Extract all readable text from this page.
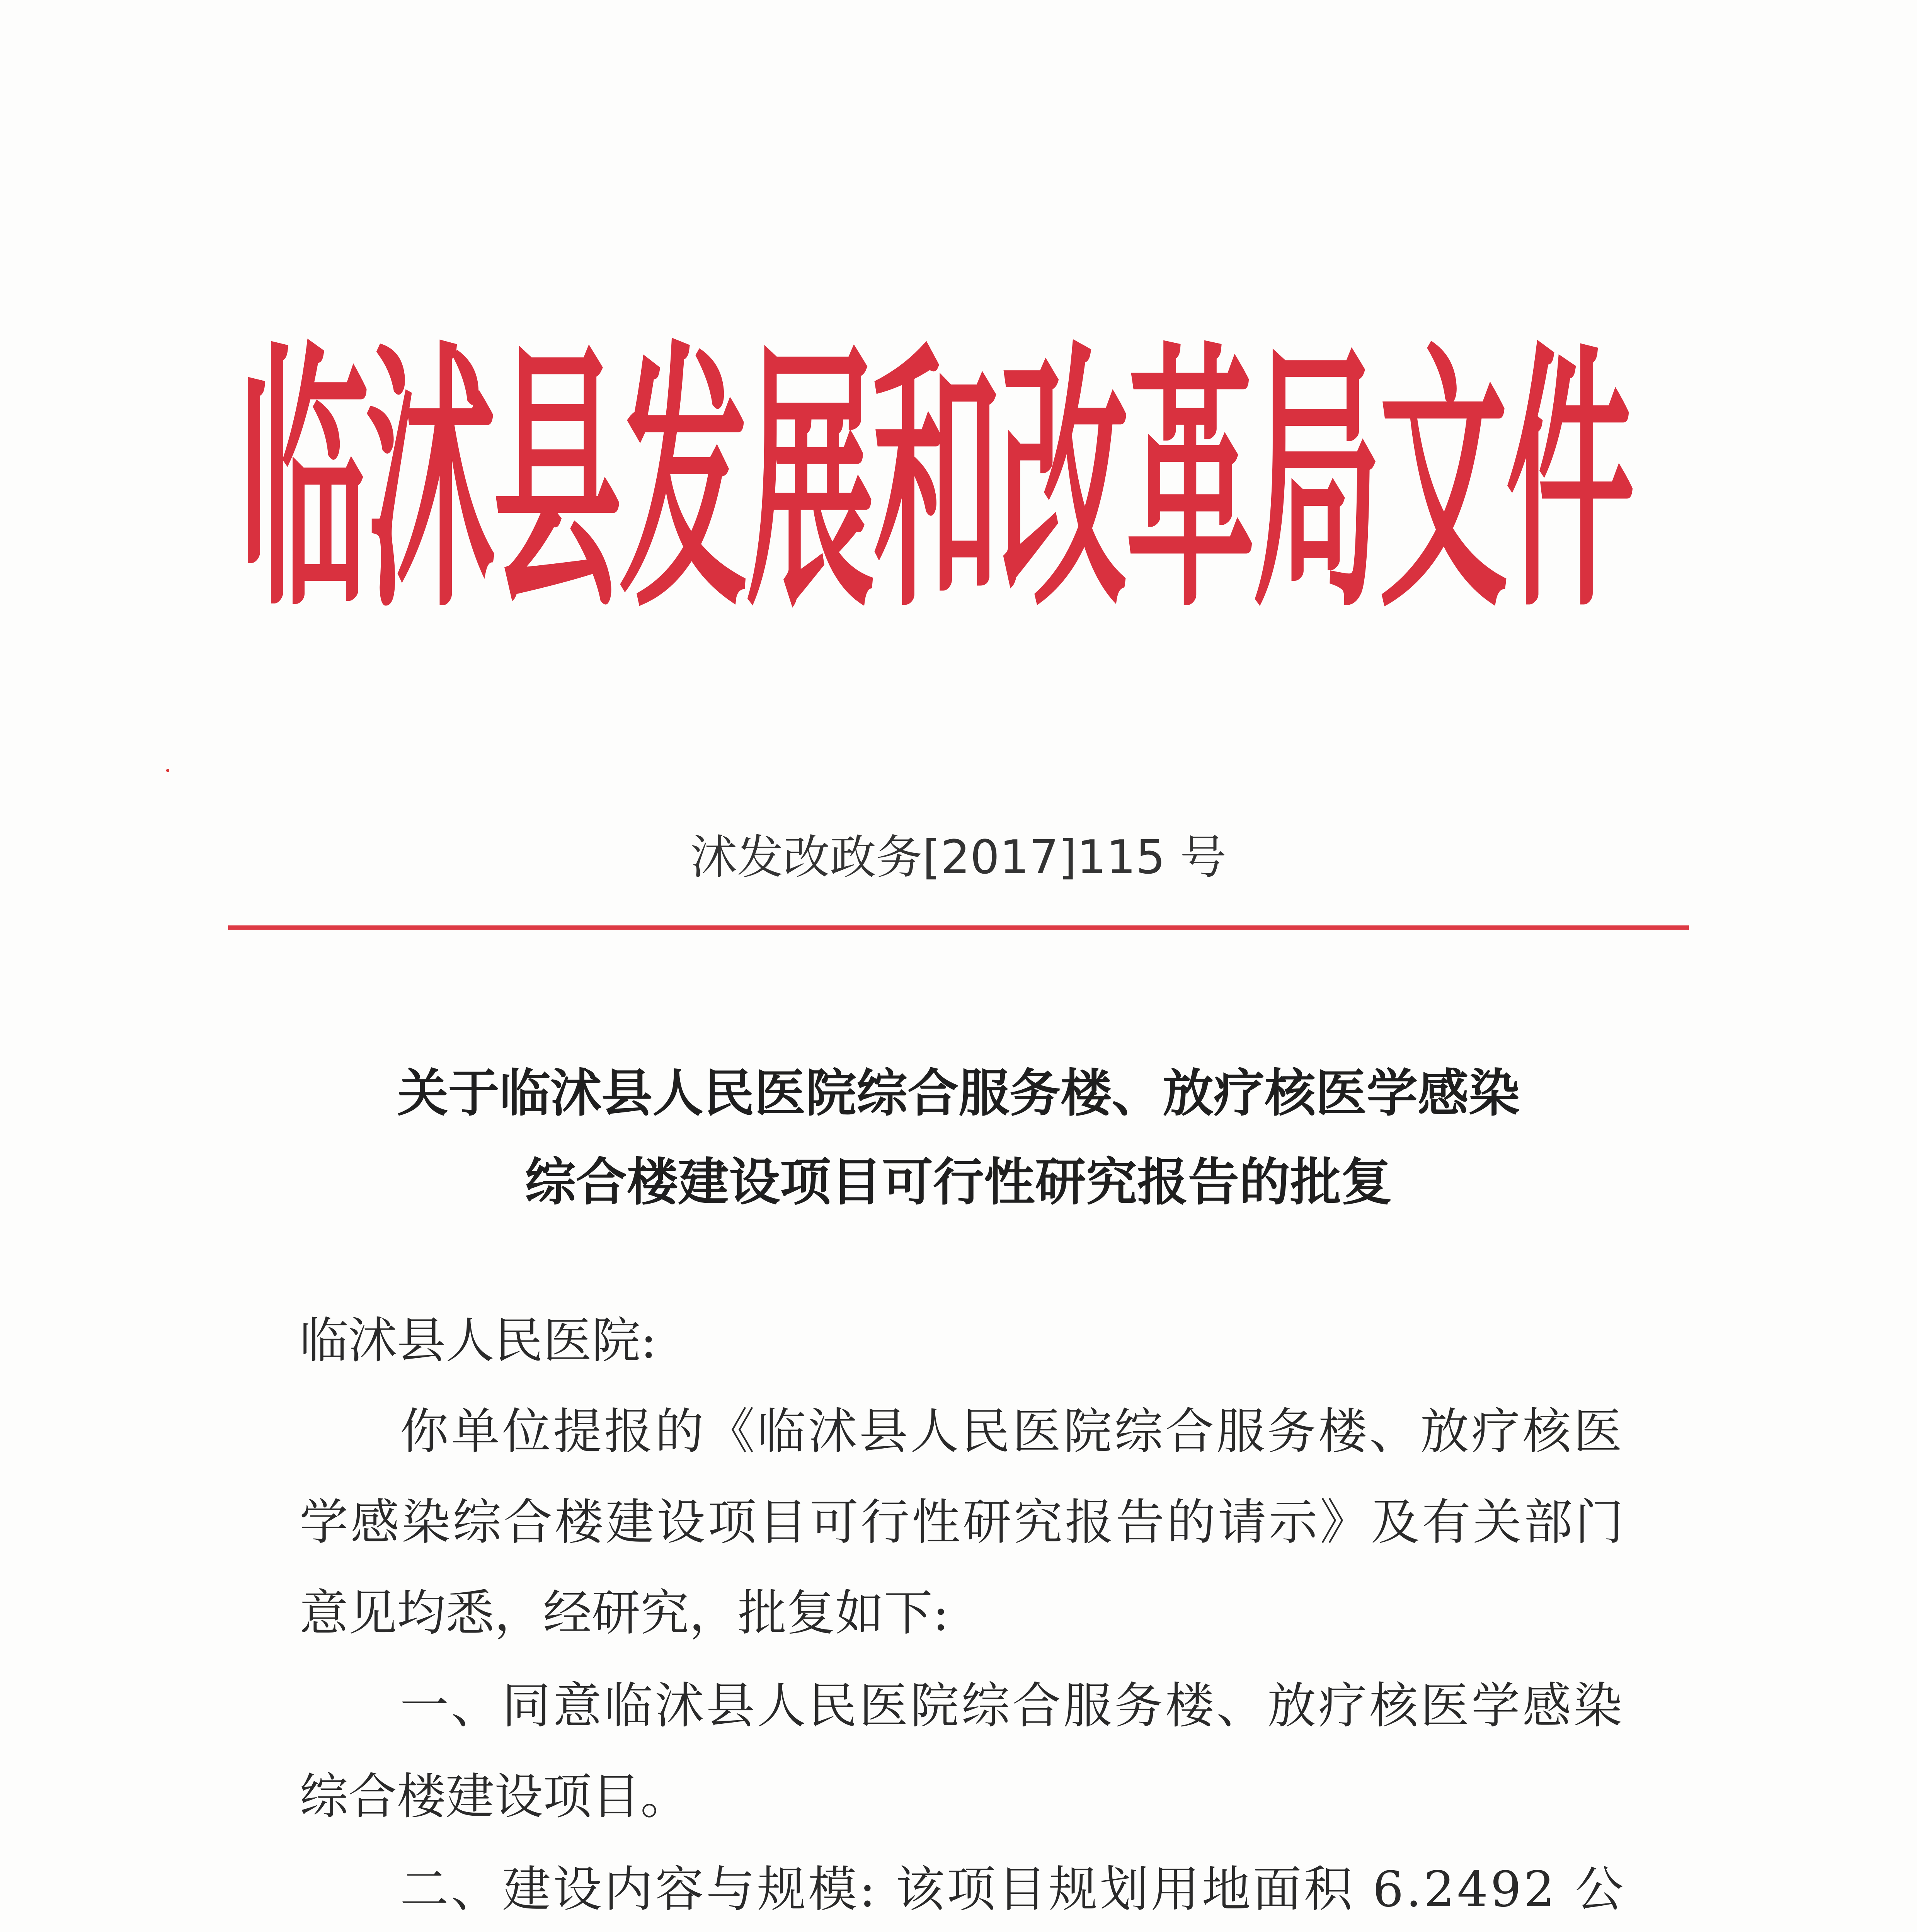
临沭县发展和改革局文件
沭发改政务[2017]115 号
关于临沭县人民医院综合服务楼、放疗核医学感染
综合楼建设项目可行性研究报告的批复
临沭县人民医院:
你单位提报的《临沭县人民医院综合服务楼、放疗核医
学感染综合楼建设项目可行性研究报告的请示》及有关部门
意见均悉，经研究，批复如下:
一、同意临沭县人民医院综合服务楼、放疗核医学感染
综合楼建设项目。
二、建设内容与规模: 该项目规划用地面积 6.2492 公
